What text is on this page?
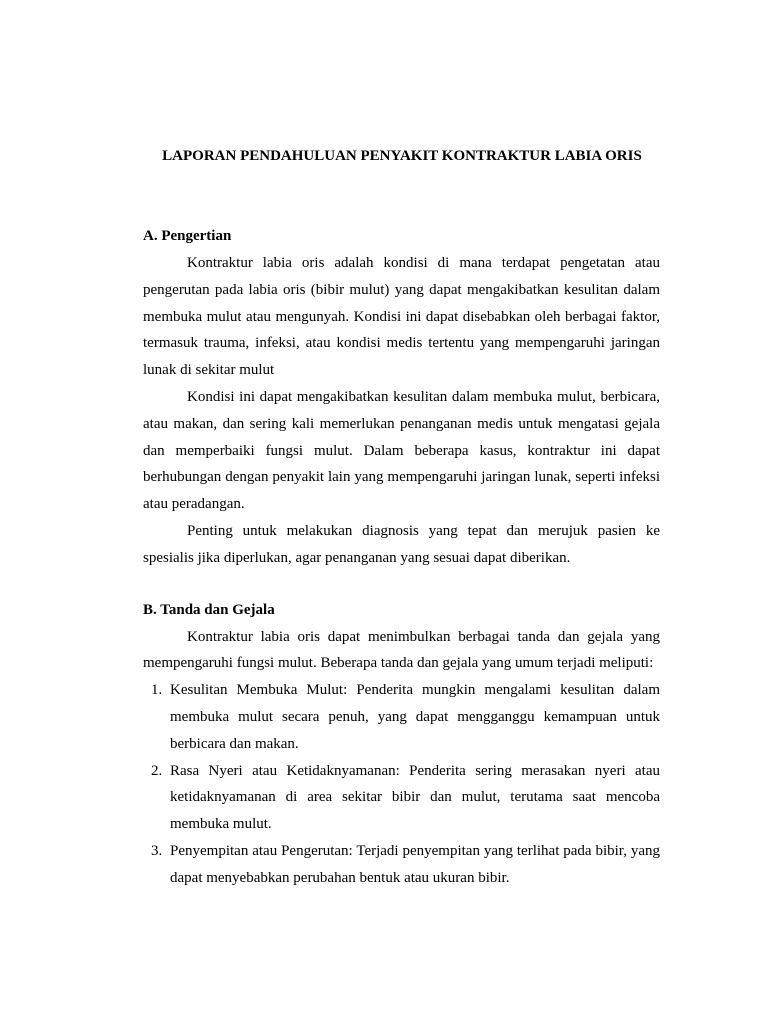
LAPORAN PENDAHULUAN PENYAKIT KONTRAKTUR LABIA ORIS
A. Pengertian

Kontraktur labia oris adalah kondisi di mana terdapat pengetatan atau pengerutan pada labia oris (bibir mulut) yang dapat mengakibatkan kesulitan dalam membuka mulut atau mengunyah. Kondisi ini dapat disebabkan oleh berbagai faktor, termasuk trauma, infeksi, atau kondisi medis tertentu yang mempengaruhi jaringan lunak di sekitar mulut

Kondisi ini dapat mengakibatkan kesulitan dalam membuka mulut, berbicara, atau makan, dan sering kali memerlukan penanganan medis untuk mengatasi gejala dan memperbaiki fungsi mulut. Dalam beberapa kasus, kontraktur ini dapat berhubungan dengan penyakit lain yang mempengaruhi jaringan lunak, seperti infeksi atau peradangan.

Penting untuk melakukan diagnosis yang tepat dan merujuk pasien ke spesialis jika diperlukan, agar penanganan yang sesuai dapat diberikan.

B. Tanda dan Gejala

Kontraktur labia oris dapat menimbulkan berbagai tanda dan gejala yang mempengaruhi fungsi mulut. Beberapa tanda dan gejala yang umum terjadi meliputi:

1. Kesulitan Membuka Mulut: Penderita mungkin mengalami kesulitan dalam membuka mulut secara penuh, yang dapat mengganggu kemampuan untuk berbicara dan makan.
2. Rasa Nyeri atau Ketidaknyamanan: Penderita sering merasakan nyeri atau ketidaknyamanan di area sekitar bibir dan mulut, terutama saat mencoba membuka mulut.
3. Penyempitan atau Pengerutan: Terjadi penyempitan yang terlihat pada bibir, yang dapat menyebabkan perubahan bentuk atau ukuran bibir.
